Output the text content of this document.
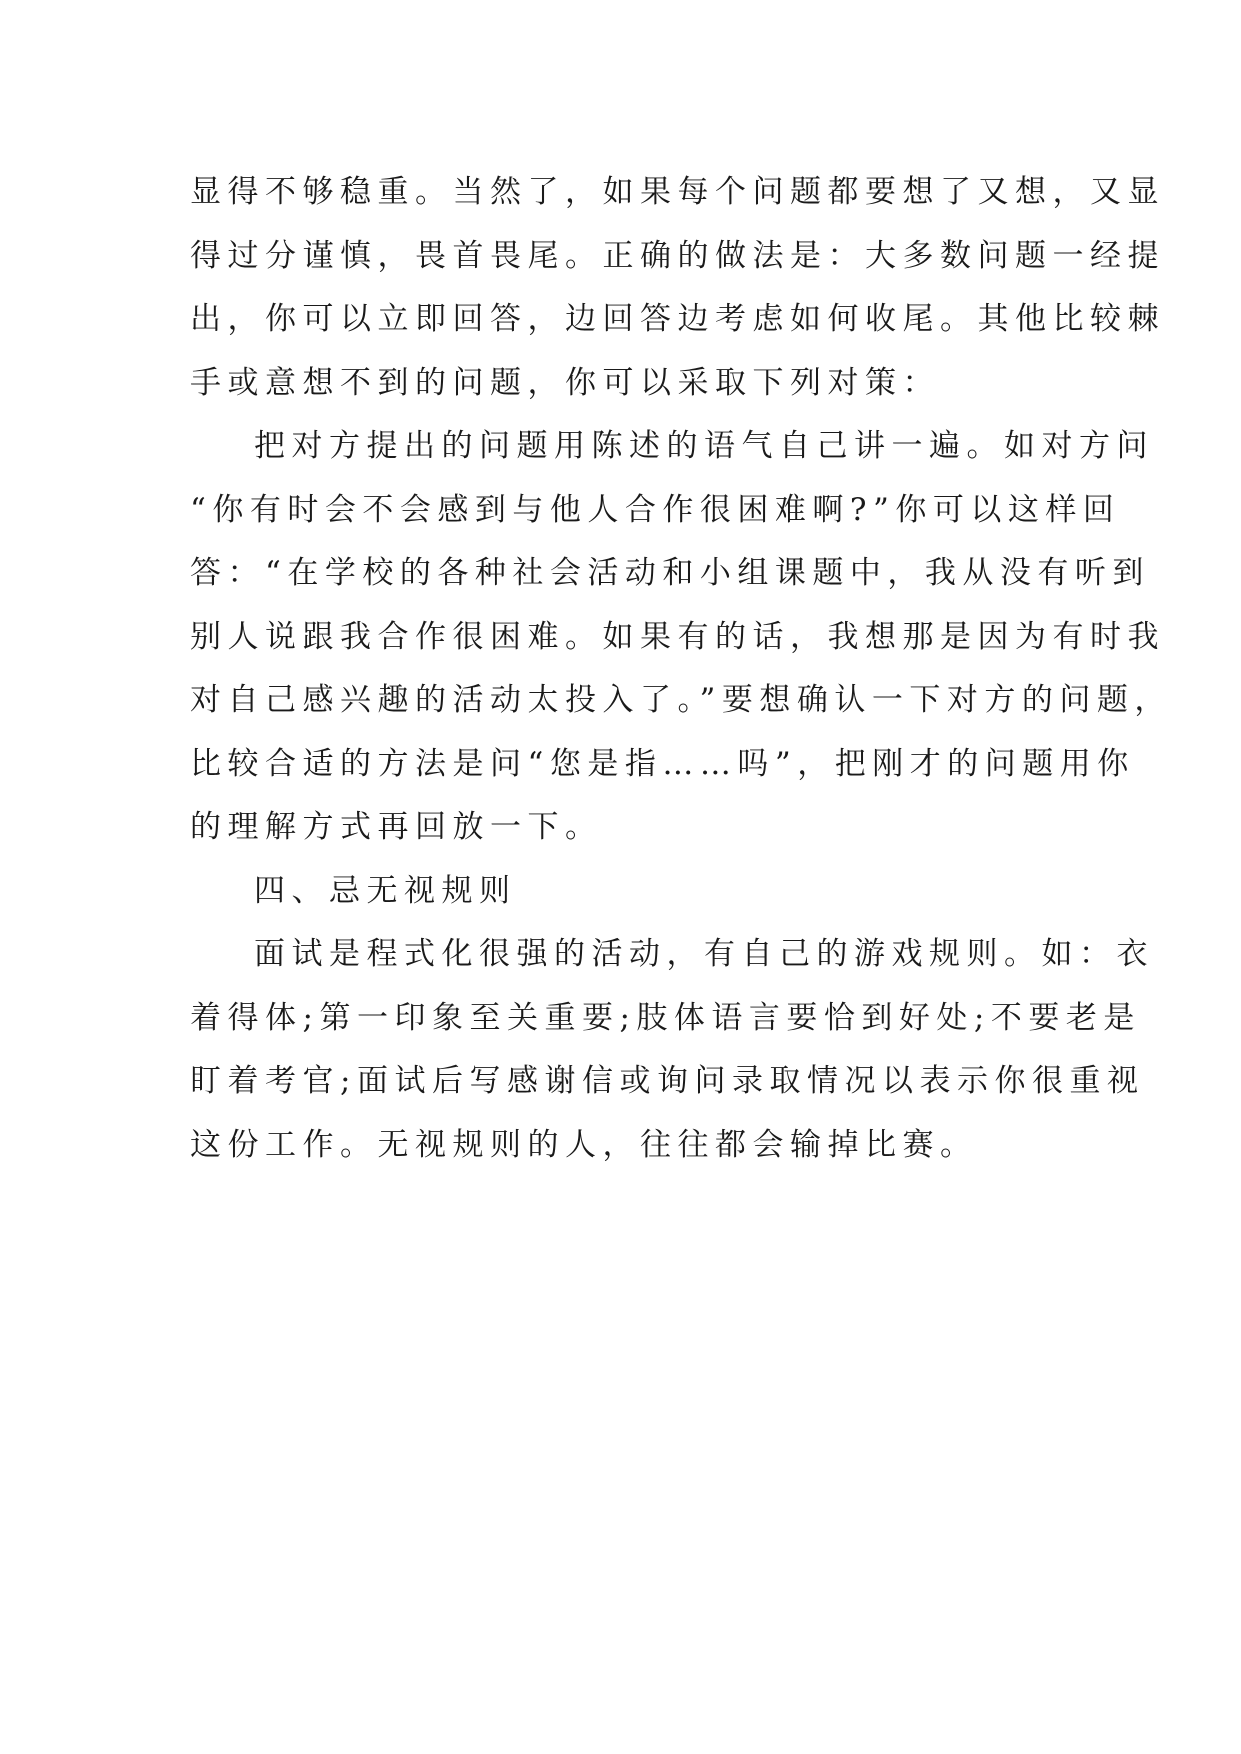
显得不够稳重。当然了，如果每个问题都要想了又想，又显
得过分谨慎，畏首畏尾。正确的做法是：大多数问题一经提
出，你可以立即回答，边回答边考虑如何收尾。其他比较棘
手或意想不到的问题，你可以采取下列对策：
把对方提出的问题用陈述的语气自己讲一遍。如对方问
“你有时会不会感到与他人合作很困难啊?”你可以这样回
答：“在学校的各种社会活动和小组课题中，我从没有听到
别人说跟我合作很困难。如果有的话，我想那是因为有时我
对自己感兴趣的活动太投入了。”要想确认一下对方的问题，
比较合适的方法是问“您是指……吗”，把刚才的问题用你
的理解方式再回放一下。
四、忌无视规则
面试是程式化很强的活动，有自己的游戏规则。如：衣
着得体;第一印象至关重要;肢体语言要恰到好处;不要老是
盯着考官;面试后写感谢信或询问录取情况以表示你很重视
这份工作。无视规则的人，往往都会输掉比赛。
